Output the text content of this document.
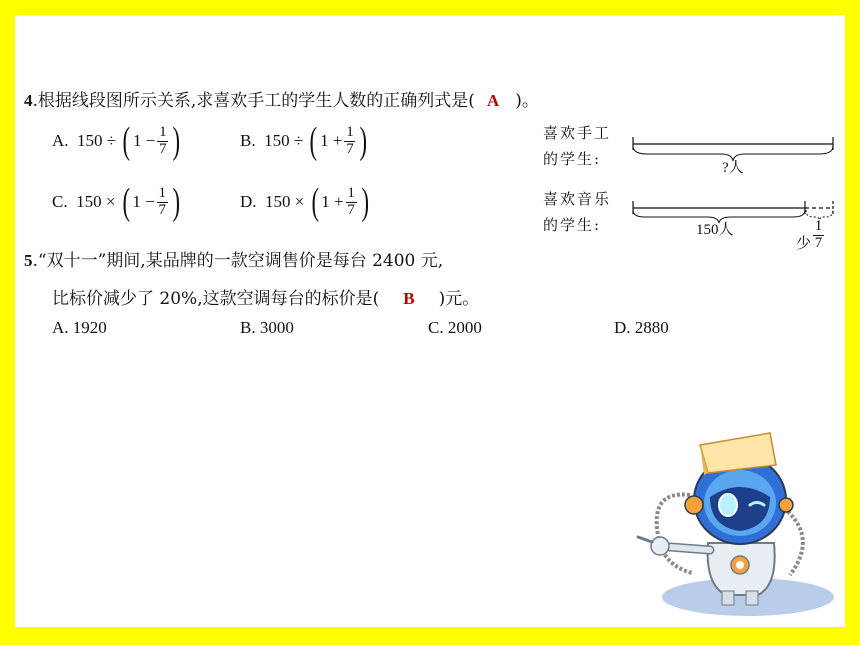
4.根据线段图所示关系,求喜欢手工的学生人数的正确列式是( A )。
A.
150 ÷
( $1 - \frac{1}{7}$ )	B.
150 ÷
( $1 + \frac{1}{7}$ )
C.
150 ×
( $1 - \frac{1}{7}$ )	D.
150 ×
( $1 + \frac{1}{7}$ )
喜欢手工
的学生:
喜欢音乐
的学生:
?人
150人
少 $\frac{1}{7}$
5.“双十一”期间,某品牌的一款空调售价是每台 2400 元,
比标价减少了 20%,这款空调每台的标价是( B )元。
A. 1920	B. 3000	C. 2000	D. 2880
